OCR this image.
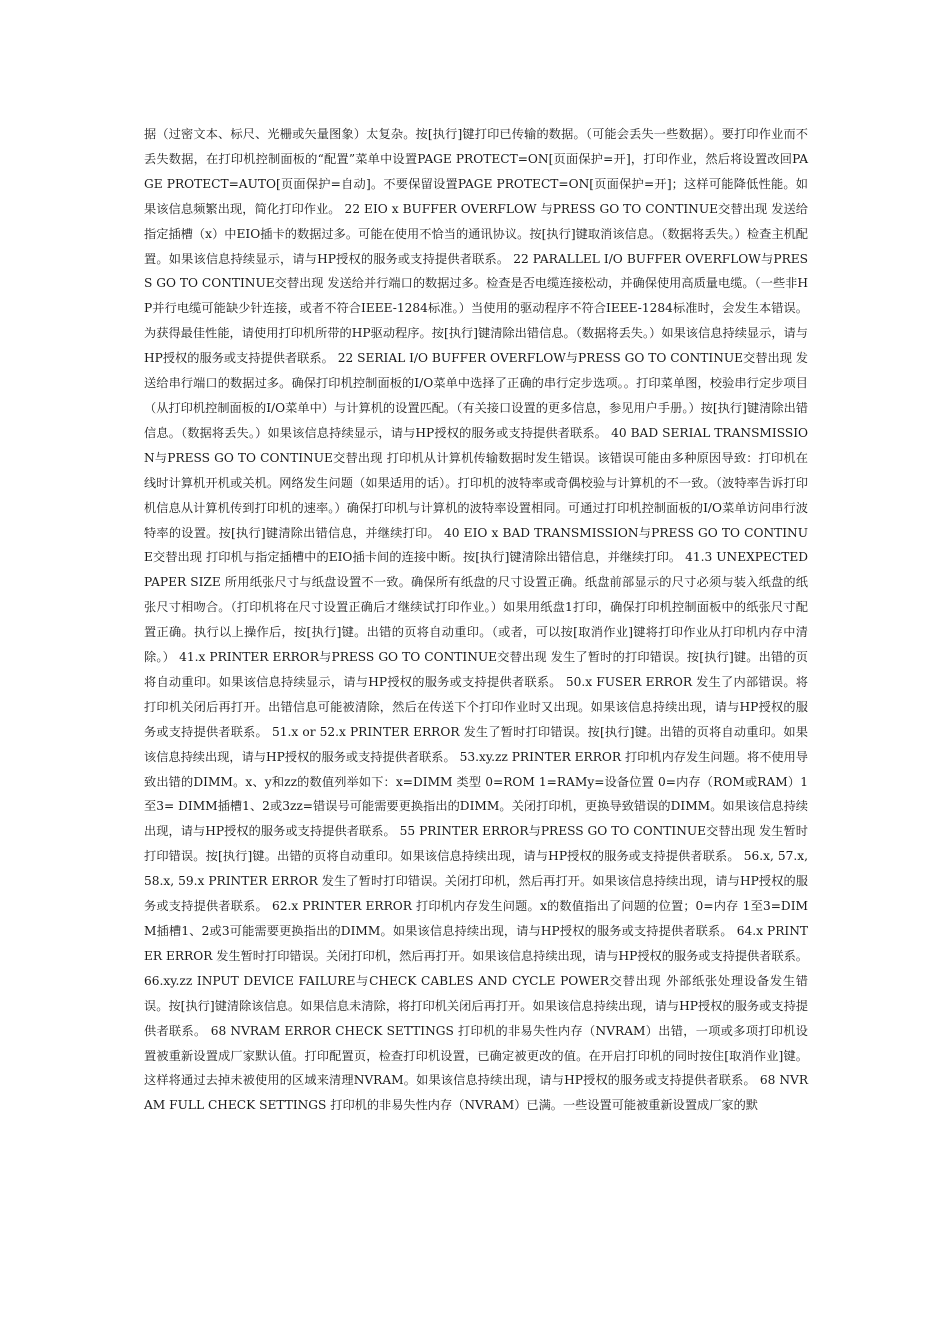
据（过密文本、标尺、光栅或矢量图象）太复杂。按[执行]键打印已传输的数据。（可能会丢失一些数据）。要打印作业而不丢失数据，在打印机控制面板的“配置”菜单中设置PAGE PROTECT=ON[页面保护=开]，打印作业，然后将设置改回PAGE PROTECT=AUTO[页面保护=自动]。不要保留设置PAGE PROTECT=ON[页面保护=开]；这样可能降低性能。如果该信息频繁出现，简化打印作业。 22 EIO x BUFFER OVERFLOW 与PRESS GO TO CONTINUE交替出现 发送给指定插槽（x）中EIO插卡的数据过多。可能在使用不恰当的通讯协议。按[执行]键取消该信息。（数据将丢失。）检查主机配置。如果该信息持续显示，请与HP授权的服务或支持提供者联系。 22 PARALLEL I/O BUFFER OVERFLOW与PRESS GO TO CONTINUE交替出现 发送给并行端口的数据过多。检查是否电缆连接松动，并确保使用高质量电缆。（一些非HP并行电缆可能缺少针连接，或者不符合IEEE-1284标准。）当使用的驱动程序不符合IEEE-1284标准时，会发生本错误。为获得最佳性能，请使用打印机所带的HP驱动程序。按[执行]键清除出错信息。（数据将丢失。）如果该信息持续显示，请与HP授权的服务或支持提供者联系。 22 SERIAL I/O BUFFER OVERFLOW与PRESS GO TO CONTINUE交替出现 发送给串行端口的数据过多。确保打印机控制面板的I/O菜单中选择了正确的串行定步选项。。打印菜单图，校验串行定步项目（从打印机控制面板的I/O菜单中）与计算机的设置匹配。（有关接口设置的更多信息，参见用户手册。）按[执行]键清除出错信息。（数据将丢失。）如果该信息持续显示，请与HP授权的服务或支持提供者联系。 40 BAD SERIAL TRANSMISSION与PRESS GO TO CONTINUE交替出现 打印机从计算机传输数据时发生错误。该错误可能由多种原因导致：打印机在线时计算机开机或关机。网络发生问题（如果适用的话）。打印机的波特率或奇偶校验与计算机的不一致。（波特率告诉打印机信息从计算机传到打印机的速率。）确保打印机与计算机的波特率设置相同。可通过打印机控制面板的I/O菜单访问串行波特率的设置。按[执行]键清除出错信息，并继续打印。 40 EIO x BAD TRANSMISSION与PRESS GO TO CONTINUE交替出现 打印机与指定插槽中的EIO插卡间的连接中断。按[执行]键清除出错信息，并继续打印。 41.3 UNEXPECTED PAPER SIZE 所用纸张尺寸与纸盘设置不一致。确保所有纸盘的尺寸设置正确。纸盘前部显示的尺寸必须与装入纸盘的纸张尺寸相吻合。（打印机将在尺寸设置正确后才继续试打印作业。）如果用纸盘1打印，确保打印机控制面板中的纸张尺寸配置正确。执行以上操作后，按[执行]键。出错的页将自动重印。（或者，可以按[取消作业]键将打印作业从打印机内存中清除。） 41.x PRINTER ERROR与PRESS GO TO CONTINUE交替出现 发生了暂时的打印错误。按[执行]键。出错的页将自动重印。如果该信息持续显示，请与HP授权的服务或支持提供者联系。 50.x FUSER ERROR 发生了内部错误。将打印机关闭后再打开。出错信息可能被清除，然后在传送下个打印作业时又出现。如果该信息持续出现，请与HP授权的服务或支持提供者联系。 51.x or 52.x PRINTER ERROR 发生了暂时打印错误。按[执行]键。出错的页将自动重印。如果该信息持续出现，请与HP授权的服务或支持提供者联系。 53.xy.zz PRINTER ERROR 打印机内存发生问题。将不使用导致出错的DIMM。x、y和zz的数值列举如下：x=DIMM 类型 0=ROM 1=RAMy=设备位置 0=内存（ROM或RAM）1至3= DIMM插槽1、2或3zz=错误号可能需要更换指出的DIMM。关闭打印机，更换导致错误的DIMM。如果该信息持续出现，请与HP授权的服务或支持提供者联系。 55 PRINTER ERROR与PRESS GO TO CONTINUE交替出现 发生暂时打印错误。按[执行]键。出错的页将自动重印。如果该信息持续出现，请与HP授权的服务或支持提供者联系。 56.x, 57.x, 58.x, 59.x PRINTER ERROR 发生了暂时打印错误。关闭打印机，然后再打开。如果该信息持续出现，请与HP授权的服务或支持提供者联系。 62.x PRINTER ERROR 打印机内存发生问题。x的数值指出了问题的位置；0=内存 1至3=DIMM插槽1、2或3可能需要更换指出的DIMM。如果该信息持续出现，请与HP授权的服务或支持提供者联系。 64.x PRINTER ERROR 发生暂时打印错误。关闭打印机，然后再打开。如果该信息持续出现，请与HP授权的服务或支持提供者联系。 66.xy.zz INPUT DEVICE FAILURE与CHECK CABLES AND CYCLE POWER交替出现 外部纸张处理设备发生错误。按[执行]键清除该信息。如果信息未清除，将打印机关闭后再打开。如果该信息持续出现，请与HP授权的服务或支持提供者联系。 68 NVRAM ERROR CHECK SETTINGS 打印机的非易失性内存（NVRAM）出错，一项或多项打印机设置被重新设置成厂家默认值。打印配置页，检查打印机设置，已确定被更改的值。在开启打印机的同时按住[取消作业]键。这样将通过去掉未被使用的区域来清理NVRAM。如果该信息持续出现，请与HP授权的服务或支持提供者联系。 68 NVRAM FULL CHECK SETTINGS 打印机的非易失性内存（NVRAM）已满。一些设置可能被重新设置成厂家的默
